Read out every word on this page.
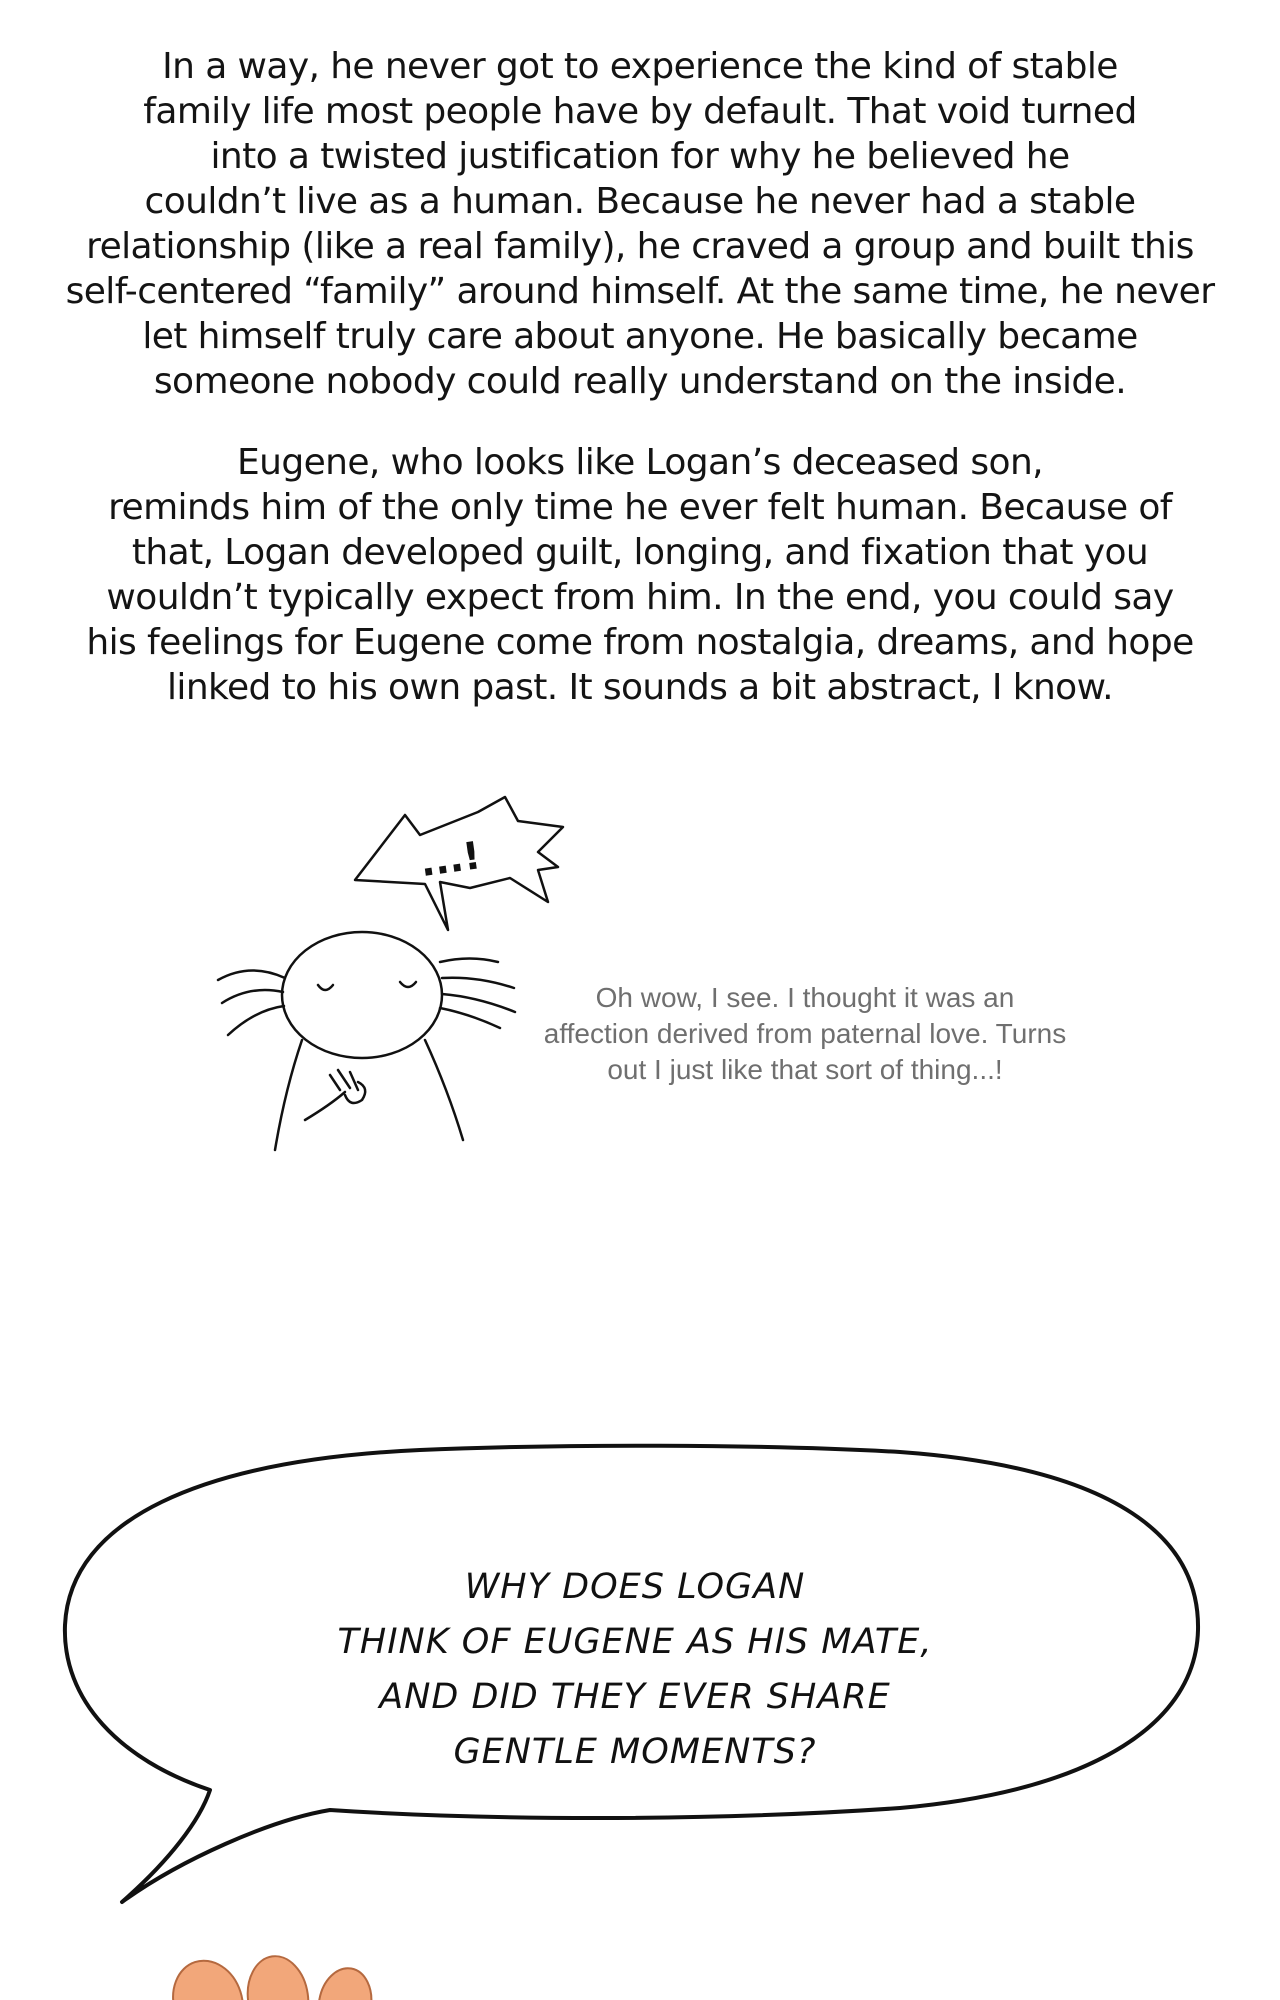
In a way, he never got to experience the kind of stable
family life most people have by default. That void turned
into a twisted justification for why he believed he
couldn’t live as a human. Because he never had a stable
relationship (like a real family), he craved a group and built this
self-centered “family” around himself. At the same time, he never
let himself truly care about anyone. He basically became
someone nobody could really understand on the inside.
Eugene, who looks like Logan’s deceased son,
reminds him of the only time he ever felt human. Because of
that, Logan developed guilt, longing, and fixation that you
wouldn’t typically expect from him. In the end, you could say
his feelings for Eugene come from nostalgia, dreams, and hope
linked to his own past. It sounds a bit abstract, I know.
...!
Oh wow, I see. I thought it was an
affection derived from paternal love. Turns
out I just like that sort of thing...!
WHY DOES LOGAN
THINK OF EUGENE AS HIS MATE,
AND DID THEY EVER SHARE
GENTLE MOMENTS?
